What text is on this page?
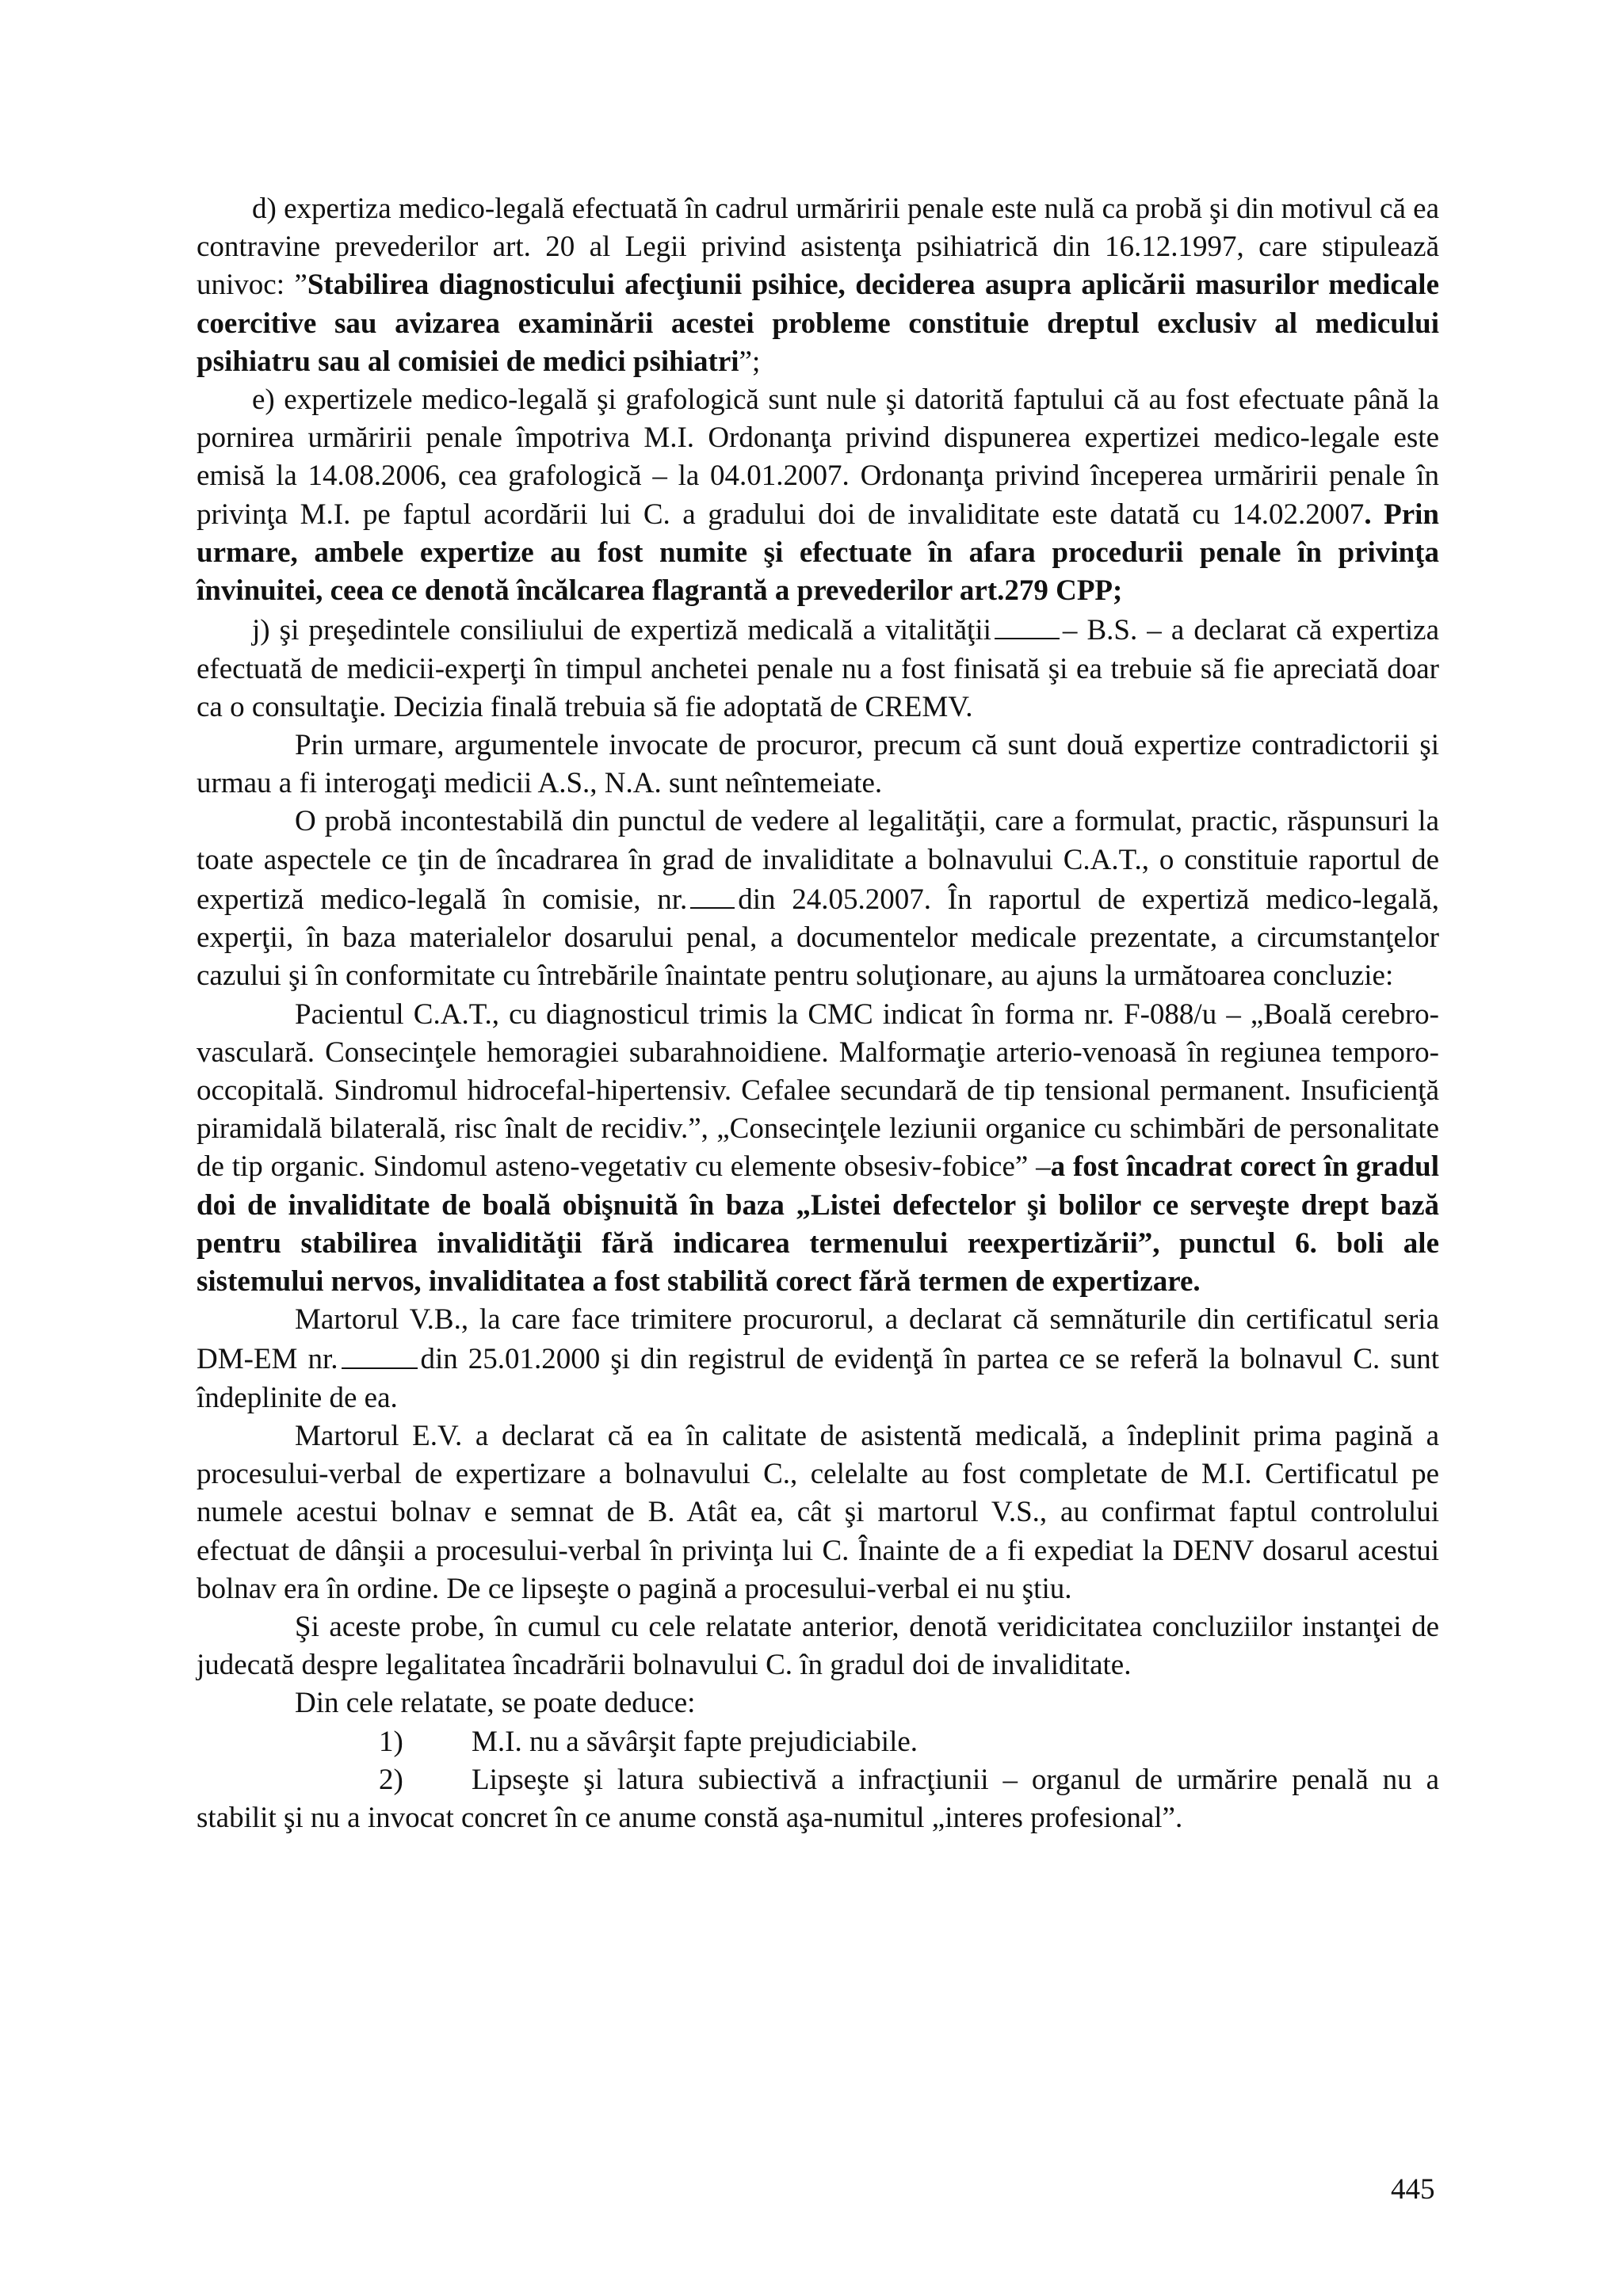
d) expertiza medico-legală efectuată în cadrul urmăririi penale este nulă ca probă şi din motivul că ea contravine prevederilor art. 20 al Legii privind asistenţa psihiatrică din 16.12.1997, care stipulează univoc: ”Stabilirea diagnosticului afecţiunii psihice, deciderea asupra aplicării masurilor medicale coercitive sau avizarea examinării acestei probleme constituie dreptul exclusiv al medicului psihiatru sau al comisiei de medici psihiatri”;

e) expertizele medico-legală şi grafologică sunt nule şi datorită faptului că au fost efectuate până la pornirea urmăririi penale împotriva M.I. Ordonanţa privind dispunerea expertizei medico-legale este emisă la 14.08.2006, cea grafologică – la 04.01.2007. Ordonanţa privind începerea urmăririi penale în privinţa M.I. pe faptul acordării lui C. a gradului doi de invaliditate este datată cu 14.02.2007. Prin urmare, ambele expertize au fost numite şi efectuate în afara procedurii penale în privinţa învinuitei, ceea ce denotă încălcarea flagrantă a prevederilor art.279 CPP;

j) şi preşedintele consiliului de expertiză medicală a vitalităţii – B.S. – a declarat că expertiza efectuată de medicii-experţi în timpul anchetei penale nu a fost finisată şi ea trebuie să fie apreciată doar ca o consultaţie. Decizia finală trebuia să fie adoptată de CREMV.

Prin urmare, argumentele invocate de procuror, precum că sunt două expertize contradictorii şi urmau a fi interogaţi medicii A.S., N.A. sunt neîntemeiate.

O probă incontestabilă din punctul de vedere al legalităţii, care a formulat, practic, răspunsuri la toate aspectele ce ţin de încadrarea în grad de invaliditate a bolnavului C.A.T., o constituie raportul de expertiză medico-legală în comisie, nr. din 24.05.2007. În raportul de expertiză medico-legală, experţii, în baza materialelor dosarului penal, a documentelor medicale prezentate, a circumstanţelor cazului şi în conformitate cu întrebările înaintate pentru soluţionare, au ajuns la următoarea concluzie:

Pacientul C.A.T., cu diagnosticul trimis la CMC indicat în forma nr. F-088/u – „Boală cerebro-vasculară. Consecinţele hemoragiei subarahnoidiene. Malformaţie arterio-venoasă în regiunea temporo-occopitală. Sindromul hidrocefal-hipertensiv. Cefalee secundară de tip tensional permanent. Insuficienţă piramidală bilaterală, risc înalt de recidiv.”, „Consecinţele leziunii organice cu schimbări de personalitate de tip organic. Sindomul asteno-vegetativ cu elemente obsesiv-fobice” –a fost încadrat corect în gradul doi de invaliditate de boală obişnuită în baza „Listei defectelor şi bolilor ce serveşte drept bază pentru stabilirea invalidităţii fără indicarea termenului reexpertizării”, punctul 6. boli ale sistemului nervos, invaliditatea a fost stabilită corect fără termen de expertizare.

Martorul V.B., la care face trimitere procurorul, a declarat că semnăturile din certificatul seria DM-EM nr.	din 25.01.2000 şi din registrul de evidenţă în partea ce se referă la bolnavul C. sunt îndeplinite de ea.

Martorul E.V. a declarat că ea în calitate de asistentă medicală, a îndeplinit prima pagină a procesului-verbal de expertizare a bolnavului C., celelalte au fost completate de M.I. Certificatul pe numele acestui bolnav e semnat de B. Atât ea, cât şi martorul V.S., au confirmat faptul controlului efectuat de dânşii a procesului-verbal în privinţa lui C. Înainte de a fi expediat la DENV dosarul acestui bolnav era în ordine. De ce lipseşte o pagină a procesului-verbal ei nu ştiu.

Şi aceste probe, în cumul cu cele relatate anterior, denotă veridicitatea concluziilor instanţei de judecată despre legalitatea încadrării bolnavului C. în gradul doi de invaliditate.

Din cele relatate, se poate deduce:

1) M.I. nu a săvârşit fapte prejudiciabile.

2) Lipseşte şi latura subiectivă a infracţiunii – organul de urmărire penală nu a stabilit şi nu a invocat concret în ce anume constă aşa-numitul „interes profesional”.

445
